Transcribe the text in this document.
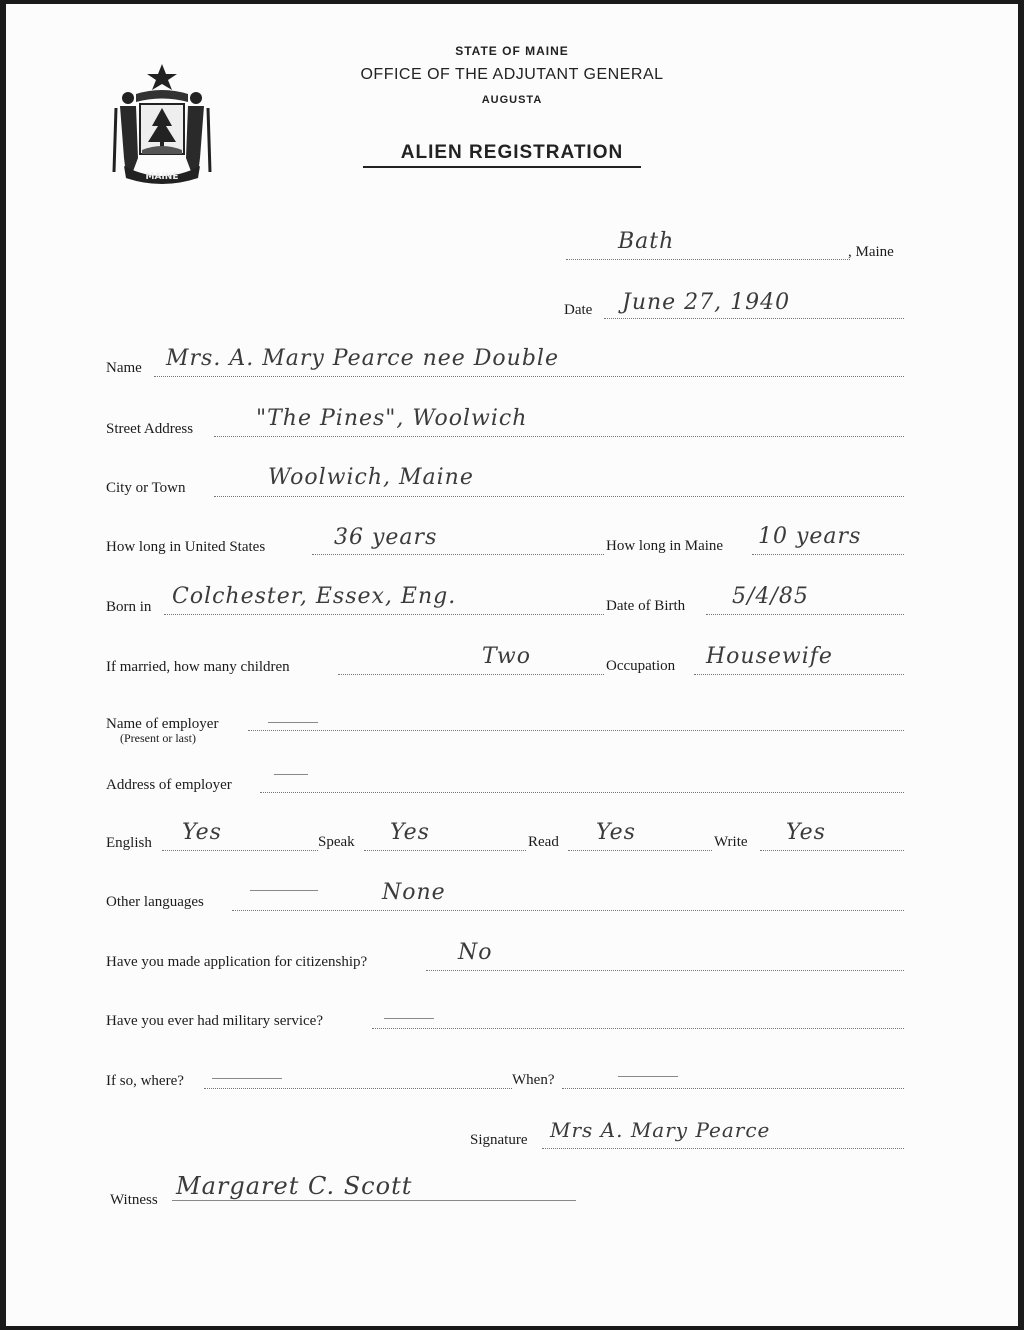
MAINE
STATE OF MAINE
OFFICE OF THE ADJUTANT GENERAL
AUGUSTA
ALIEN REGISTRATION
Bath	, Maine
Date June 27, 1940
Name Mrs. A. Mary Pearce nee Double
Street Address	"The Pines", Woolwich
City or Town	Woolwich, Maine
How long in United States	36 years	How long in Maine 10 years
Born in Colchester, Essex, Eng.	Date of Birth 5/4/85
If married, how many children	Two	Occupation Housewife
Name of employer
(Present or last)
Address of employer
English Yes	Speak Yes	Read Yes	Write Yes
Other languages	None
Have you made application for citizenship?	No
Have you ever had military service?
If so, where?	When?
Signature Mrs A. Mary Pearce
Witness Margaret C. Scott
